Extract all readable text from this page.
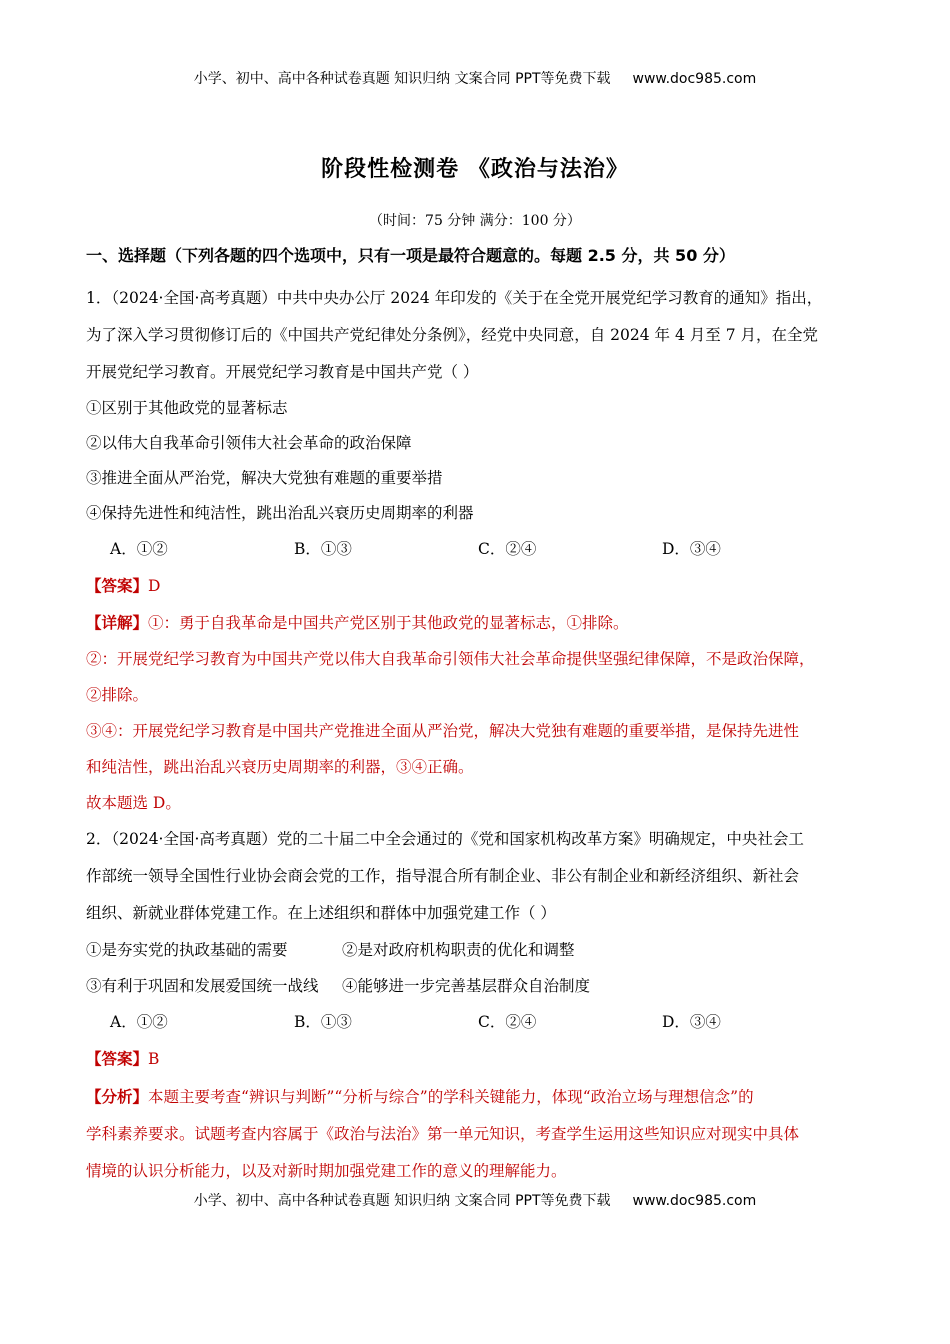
小学、初中、高中各种试卷真题 知识归纳 文案合同 PPT等免费下载 www.doc985.com
阶段性检测卷 《政治与法治》
（时间：75 分钟 满分：100 分）

一、选择题（下列各题的四个选项中，只有一项是最符合题意的。每题 2.5 分，共 50 分）

1．（2024·全国·高考真题）中共中央办公厅 2024 年印发的《关于在全党开展党纪学习教育的通知》指出，

为了深入学习贯彻修订后的《中国共产党纪律处分条例》，经党中央同意，自 2024 年 4 月至 7 月，在全党

开展党纪学习教育。开展党纪学习教育是中国共产党（ ）

①区别于其他政党的显著标志

②以伟大自我革命引领伟大社会革命的政治保障

③推进全面从严治党，解决大党独有难题的重要举措

④保持先进性和纯洁性，跳出治乱兴衰历史周期率的利器

A．①②	B．①③	C．②④	D．③④

【答案】D

【详解】①：勇于自我革命是中国共产党区别于其他政党的显著标志，①排除。

②：开展党纪学习教育为中国共产党以伟大自我革命引领伟大社会革命提供坚强纪律保障，不是政治保障，

②排除。

③④：开展党纪学习教育是中国共产党推进全面从严治党，解决大党独有难题的重要举措，是保持先进性

和纯洁性，跳出治乱兴衰历史周期率的利器，③④正确。

故本题选 D。

2．（2024·全国·高考真题）党的二十届二中全会通过的《党和国家机构改革方案》明确规定，中央社会工

作部统一领导全国性行业协会商会党的工作，指导混合所有制企业、非公有制企业和新经济组织、新社会

组织、新就业群体党建工作。在上述组织和群体中加强党建工作（ ）

①是夯实党的执政基础的需要	②是对政府机构职责的优化和调整
③有利于巩固和发展爱国统一战线	④能够进一步完善基层群众自治制度
A．①②	B．①③	C．②④	D．③④

【答案】B

【分析】本题主要考查“辨识与判断”“分析与综合”的学科关键能力，体现“政治立场与理想信念”的

学科素养要求。试题考查内容属于《政治与法治》第一单元知识，考查学生运用这些知识应对现实中具体

情境的认识分析能力，以及对新时期加强党建工作的意义的理解能力。

小学、初中、高中各种试卷真题 知识归纳 文案合同 PPT等免费下载 www.doc985.com
